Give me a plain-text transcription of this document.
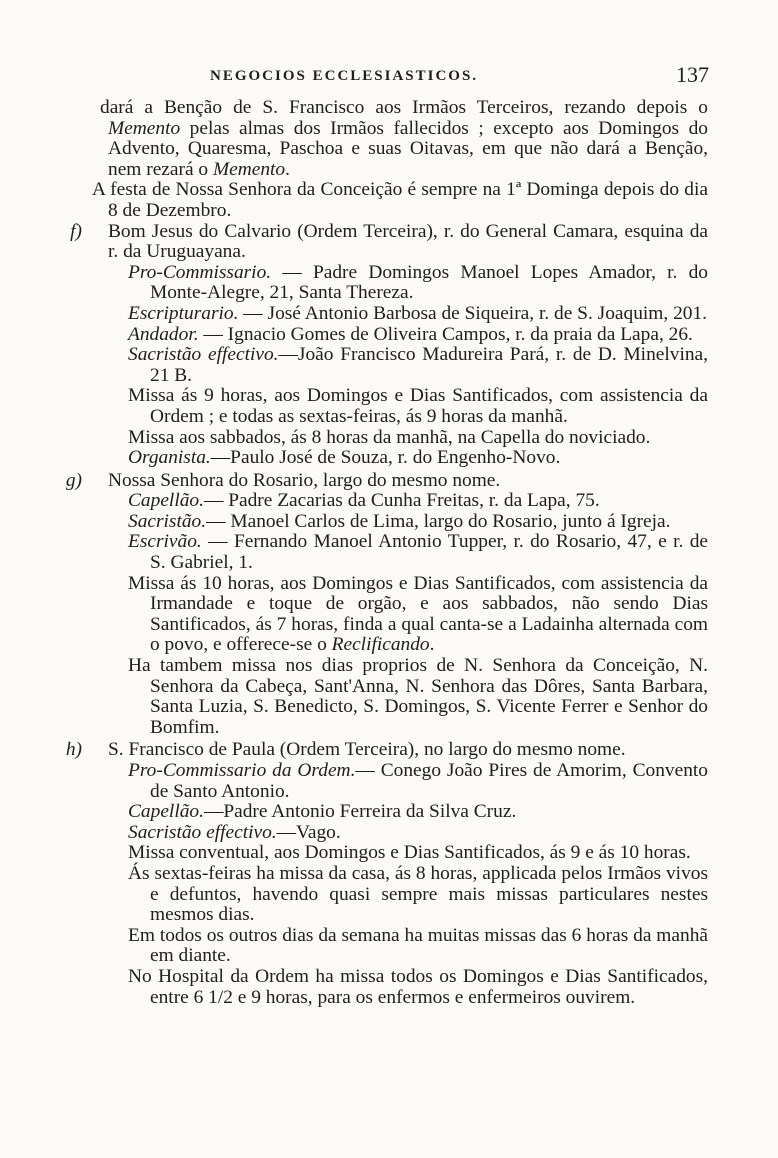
NEGOCIOS ECCLESIASTICOS.	137

dará a Benção de S. Francisco aos Irmãos Terceiros, rezando depois o Memento pelas almas dos Irmãos fallecidos ; excepto aos Domingos do Advento, Quaresma, Paschoa e suas Oitavas, em que não dará a Benção, nem rezará o Memento.

A festa de Nossa Senhora da Conceição é sempre na 1ª Dominga depois do dia 8 de Dezembro.

f) Bom Jesus do Calvario (Ordem Terceira), r. do General Camara, esquina da r. da Uruguayana.

Pro-Commissario. — Padre Domingos Manoel Lopes Amador, r. do Monte-Alegre, 21, Santa Thereza.

Escripturario. — José Antonio Barbosa de Siqueira, r. de S. Joaquim, 201.

Andador. — Ignacio Gomes de Oliveira Campos, r. da praia da Lapa, 26.

Sacristão effectivo.—João Francisco Madureira Pará, r. de D. Minelvina, 21 B.

Missa ás 9 horas, aos Domingos e Dias Santificados, com assistencia da Ordem ; e todas as sextas-feiras, ás 9 horas da manhã.

Missa aos sabbados, ás 8 horas da manhã, na Capella do noviciado.

Organista.—Paulo José de Souza, r. do Engenho-Novo.

g) Nossa Senhora do Rosario, largo do mesmo nome.

Capellão.— Padre Zacarias da Cunha Freitas, r. da Lapa, 75.

Sacristão.— Manoel Carlos de Lima, largo do Rosario, junto á Igreja.

Escrivão. — Fernando Manoel Antonio Tupper, r. do Rosario, 47, e r. de S. Gabriel, 1.

Missa ás 10 horas, aos Domingos e Dias Santificados, com assistencia da Irmandade e toque de orgão, e aos sabbados, não sendo Dias Santificados, ás 7 horas, finda a qual canta-se a Ladainha alternada com o povo, e offerece-se o Reclificando.

Ha tambem missa nos dias proprios de N. Senhora da Conceição, N. Senhora da Cabeça, Sant'Anna, N. Senhora das Dôres, Santa Barbara, Santa Luzia, S. Benedicto, S. Domingos, S. Vicente Ferrer e Senhor do Bomfim.

h) S. Francisco de Paula (Ordem Terceira), no largo do mesmo nome.

Pro-Commissario da Ordem.— Conego João Pires de Amorim, Convento de Santo Antonio.

Capellão.—Padre Antonio Ferreira da Silva Cruz.

Sacristão effectivo.—Vago.

Missa conventual, aos Domingos e Dias Santificados, ás 9 e ás 10 horas.

Ás sextas-feiras ha missa da casa, ás 8 horas, applicada pelos Irmãos vivos e defuntos, havendo quasi sempre mais missas particulares nestes mesmos dias.

Em todos os outros dias da semana ha muitas missas das 6 horas da manhã em diante.

No Hospital da Ordem ha missa todos os Domingos e Dias Santificados, entre 6 1/2 e 9 horas, para os enfermos e enfermeiros ouvirem.
